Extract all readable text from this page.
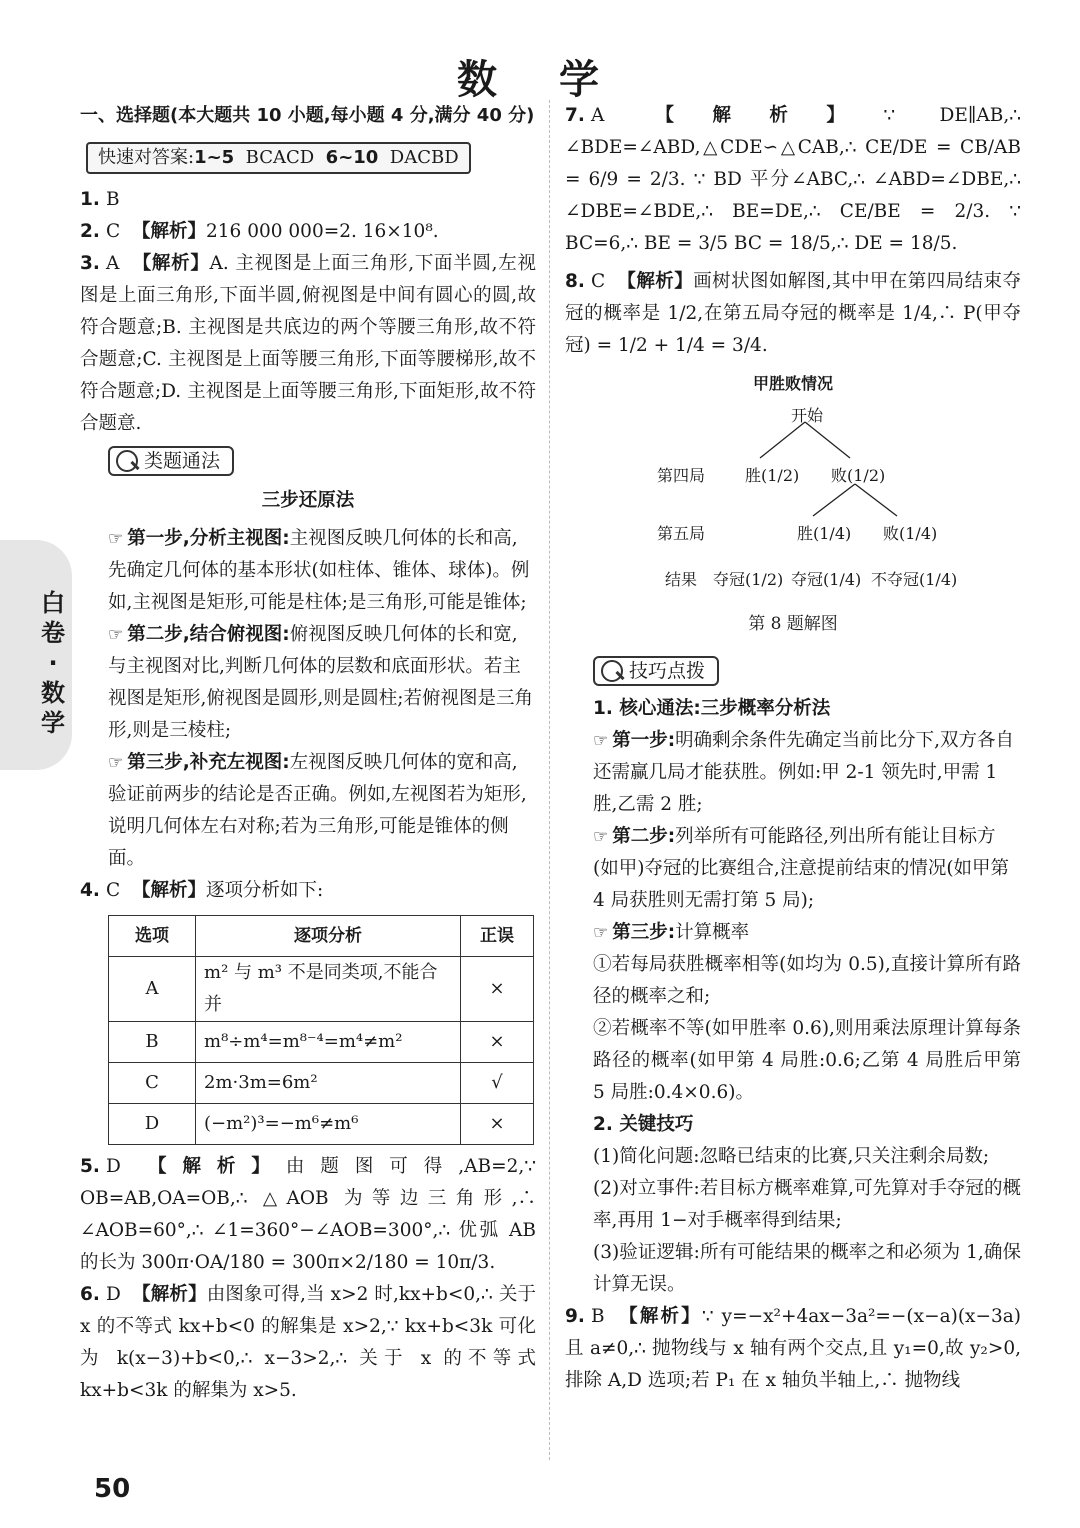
数 学
白卷·数学
一、选择题(本大题共 10 小题,每小题 4 分,满分 40 分)
快速对答案:1~5 BCACD 6~10 DACBD
1. B
2. C 【解析】216 000 000=2. 16×10⁸.
3. A 【解析】A. 主视图是上面三角形,下面半圆,左视图是上面三角形,下面半圆,俯视图是中间有圆心的圆,故符合题意;B. 主视图是共底边的两个等腰三角形,故不符合题意;C. 主视图是上面等腰三角形,下面等腰梯形,故不符合题意;D. 主视图是上面等腰三角形,下面矩形,故不符合题意.
类题通法
三步还原法
☞ 第一步,分析主视图:主视图反映几何体的长和高,先确定几何体的基本形状(如柱体、锥体、球体)。例如,主视图是矩形,可能是柱体;是三角形,可能是锥体;
☞ 第二步,结合俯视图:俯视图反映几何体的长和宽,与主视图对比,判断几何体的层数和底面形状。若主视图是矩形,俯视图是圆形,则是圆柱;若俯视图是三角形,则是三棱柱;
☞ 第三步,补充左视图:左视图反映几何体的宽和高,验证前两步的结论是否正确。例如,左视图若为矩形,说明几何体左右对称;若为三角形,可能是锥体的侧面。
4. C 【解析】逐项分析如下:
选项	逐项分析	正误
A	m² 与 m³ 不是同类项,不能合并	×
B	m⁸÷m⁴=m⁸⁻⁴=m⁴≠m²	×
C	2m·3m=6m²	√
D	(−m²)³=−m⁶≠m⁶	×
5. D 【解析】由题图可得,AB=2,∵ OB=AB,OA=OB,∴ △AOB 为等边三角形,∴ ∠AOB=60°,∴ ∠1=360°−∠AOB=300°,∴ 优弧 AB 的长为 300π·OA/180 = 300π×2/180 = 10π/3.
6. D 【解析】由图象可得,当 x>2 时,kx+b<0,∴ 关于 x 的不等式 kx+b<0 的解集是 x>2,∵ kx+b<3k 可化为 k(x−3)+b<0,∴ x−3>2,∴ 关于 x 的不等式 kx+b<3k 的解集为 x>5.
7. A 【解析】∵ DE∥AB,∴ ∠BDE=∠ABD,△CDE∽△CAB,∴ CE/DE = CB/AB = 6/9 = 2/3. ∵ BD 平分∠ABC,∴ ∠ABD=∠DBE,∴ ∠DBE=∠BDE,∴ BE=DE,∴ CE/BE = 2/3. ∵ BC=6,∴ BE = 3/5 BC = 18/5,∴ DE = 18/5.
8. C 【解析】画树状图如解图,其中甲在第四局结束夺冠的概率是 1/2,在第五局夺冠的概率是 1/4,∴ P(甲夺冠) = 1/2 + 1/4 = 3/4.
甲胜败情况
开始
第四局 胜(1/2) 败(1/2)
第五局	胜(1/4) 败(1/4)
结果 夺冠(1/2) 夺冠(1/4) 不夺冠(1/4)
第 8 题解图
技巧点拨
1. 核心通法:三步概率分析法
☞ 第一步:明确剩余条件先确定当前比分下,双方各自还需赢几局才能获胜。例如:甲 2-1 领先时,甲需 1 胜,乙需 2 胜;
☞ 第二步:列举所有可能路径,列出所有能让目标方(如甲)夺冠的比赛组合,注意提前结束的情况(如甲第 4 局获胜则无需打第 5 局);
☞ 第三步:计算概率
①若每局获胜概率相等(如均为 0.5),直接计算所有路径的概率之和;
②若概率不等(如甲胜率 0.6),则用乘法原理计算每条路径的概率(如甲第 4 局胜:0.6;乙第 4 局胜后甲第 5 局胜:0.4×0.6)。
2. 关键技巧
(1)简化问题:忽略已结束的比赛,只关注剩余局数;
(2)对立事件:若目标方概率难算,可先算对手夺冠的概率,再用 1−对手概率得到结果;
(3)验证逻辑:所有可能结果的概率之和必须为 1,确保计算无误。
9. B 【解析】∵ y=−x²+4ax−3a²=−(x−a)(x−3a)且 a≠0,∴ 抛物线与 x 轴有两个交点,且 y₁=0,故 y₂>0,排除 A,D 选项;若 P₁ 在 x 轴负半轴上,∴ 抛物线
50
